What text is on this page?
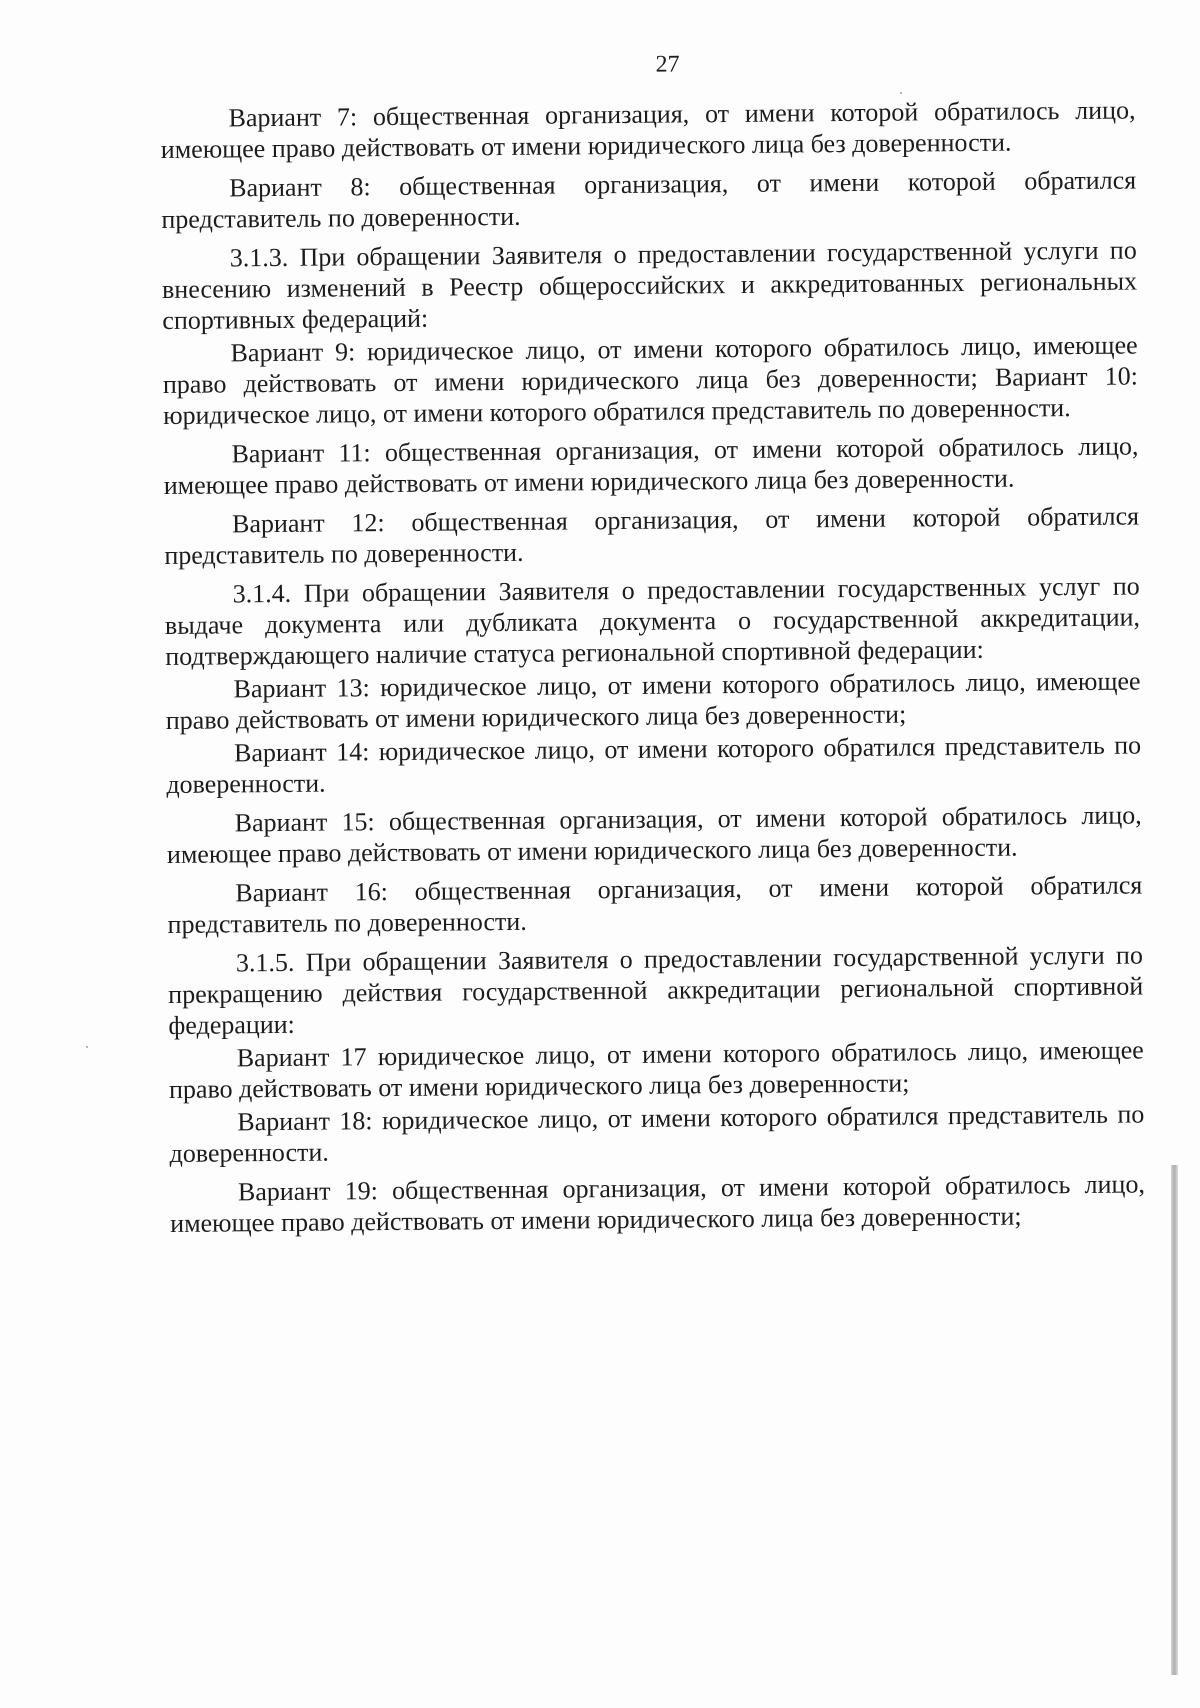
27

Вариант 7: общественная организация, от имени которой обратилось лицо, имеющее право действовать от имени юридического лица без доверенности.

Вариант 8: общественная организация, от имени которой обратился представитель по доверенности.

3.1.3. При обращении Заявителя о предоставлении государственной услуги по внесению изменений в Реестр общероссийских и аккредитованных региональных спортивных федераций:

Вариант 9: юридическое лицо, от имени которого обратилось лицо, имеющее право действовать от имени юридического лица без доверенности; Вариант 10: юридическое лицо, от имени которого обратился представитель по доверенности.

Вариант 11: общественная организация, от имени которой обратилось лицо, имеющее право действовать от имени юридического лица без доверенности.

Вариант 12: общественная организация, от имени которой обратился представитель по доверенности.

3.1.4. При обращении Заявителя о предоставлении государственных услуг по выдаче документа или дубликата документа о государственной аккредитации, подтверждающего наличие статуса региональной спортивной федерации:

Вариант 13: юридическое лицо, от имени которого обратилось лицо, имеющее право действовать от имени юридического лица без доверенности;

Вариант 14: юридическое лицо, от имени которого обратился представитель по доверенности.

Вариант 15: общественная организация, от имени которой обратилось лицо, имеющее право действовать от имени юридического лица без доверенности.

Вариант 16: общественная организация, от имени которой обратился представитель по доверенности.

3.1.5. При обращении Заявителя о предоставлении государственной услуги по прекращению действия государственной аккредитации региональной спортивной федерации:

Вариант 17 юридическое лицо, от имени которого обратилось лицо, имеющее право действовать от имени юридического лица без доверенности;

Вариант 18: юридическое лицо, от имени которого обратился представитель по доверенности.

Вариант 19: общественная организация, от имени которой обратилось лицо, имеющее право действовать от имени юридического лица без доверенности;
